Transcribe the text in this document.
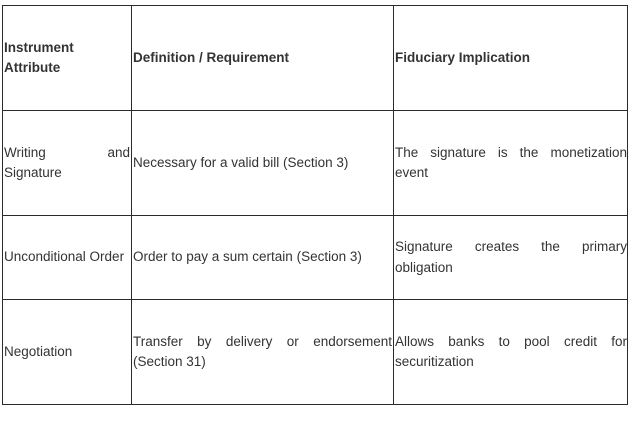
Instrument Attribute	Definition / Requirement	Fiduciary Implication

Writing and Signature	Necessary for a valid bill (Section 3)	The signature is the monetization event

Unconditional Order	Order to pay a sum certain (Section 3)	Signature creates the primary obligation

Negotiation	Transfer by delivery or endorsement (Section 31)	Allows banks to pool credit for securitization
